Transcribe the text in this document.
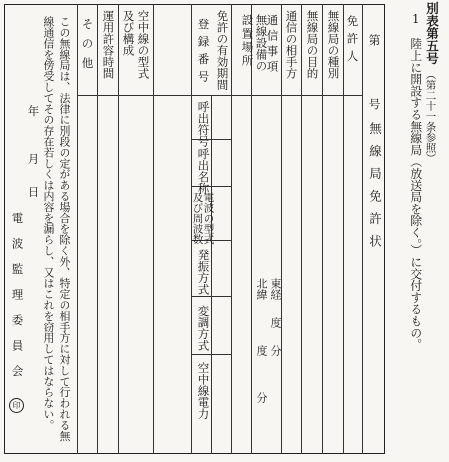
別表第五号
（第二十一条参照）
1　陸上に開設する無線局（放送局を除く。）に交付するもの。
第
号
無線局免許状
免許人
無線局の種別
無線局の目的
通信の相手方
通信事項
無線設備の
設置場所
免許の有効期間
登録番号
空中線の型式
及び構成
運用許容時間
その他
東経
北緯
度
度 分
分
呼出符号
呼出名称
電波の型式
及び周波数
発振方式
変調方式
空中線電力
この無線局は、法律に別段の定がある場合を除く外、特定の相手方に対して行われる無
線通信を傍受してその存在若しくは内容を漏らし、又はこれを窃用してはならない。
年
月
日
電波監理委員会
印
